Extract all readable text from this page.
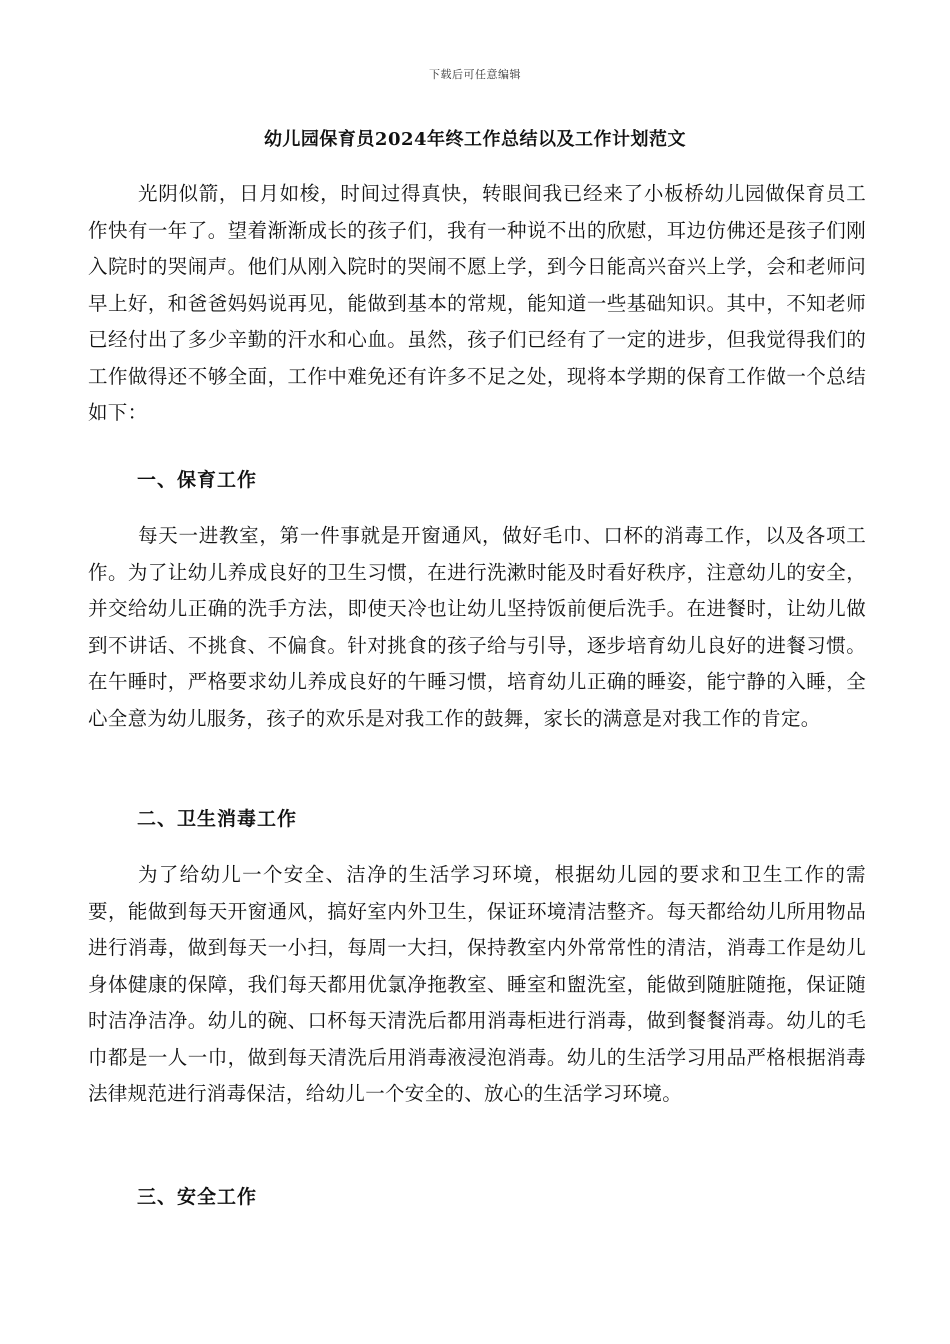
下载后可任意编辑
幼儿园保育员2024年终工作总结以及工作计划范文

光阴似箭，日月如梭，时间过得真快，转眼间我已经来了小板桥幼儿园做保育员工作快有一年了。望着渐渐成长的孩子们，我有一种说不出的欣慰，耳边仿佛还是孩子们刚入院时的哭闹声。他们从刚入院时的哭闹不愿上学，到今日能高兴奋兴上学，会和老师问早上好，和爸爸妈妈说再见，能做到基本的常规，能知道一些基础知识。其中，不知老师已经付出了多少辛勤的汗水和心血。虽然，孩子们已经有了一定的进步，但我觉得我们的工作做得还不够全面，工作中难免还有许多不足之处，现将本学期的保育工作做一个总结如下：

一、保育工作

每天一进教室，第一件事就是开窗通风，做好毛巾、口杯的消毒工作，以及各项工作。为了让幼儿养成良好的卫生习惯，在进行洗漱时能及时看好秩序，注意幼儿的安全，并交给幼儿正确的洗手方法，即使天冷也让幼儿坚持饭前便后洗手。在进餐时，让幼儿做到不讲话、不挑食、不偏食。针对挑食的孩子给与引导，逐步培育幼儿良好的进餐习惯。在午睡时，严格要求幼儿养成良好的午睡习惯，培育幼儿正确的睡姿，能宁静的入睡，全心全意为幼儿服务，孩子的欢乐是对我工作的鼓舞，家长的满意是对我工作的肯定。

二、卫生消毒工作

为了给幼儿一个安全、洁净的生活学习环境，根据幼儿园的要求和卫生工作的需要，能做到每天开窗通风，搞好室内外卫生，保证环境清洁整齐。每天都给幼儿所用物品进行消毒，做到每天一小扫，每周一大扫，保持教室内外常常性的清洁，消毒工作是幼儿身体健康的保障，我们每天都用优氯净拖教室、睡室和盥洗室，能做到随脏随拖，保证随时洁净洁净。幼儿的碗、口杯每天清洗后都用消毒柜进行消毒，做到餐餐消毒。幼儿的毛巾都是一人一巾，做到每天清洗后用消毒液浸泡消毒。幼儿的生活学习用品严格根据消毒法律规范进行消毒保洁，给幼儿一个安全的、放心的生活学习环境。

三、安全工作
